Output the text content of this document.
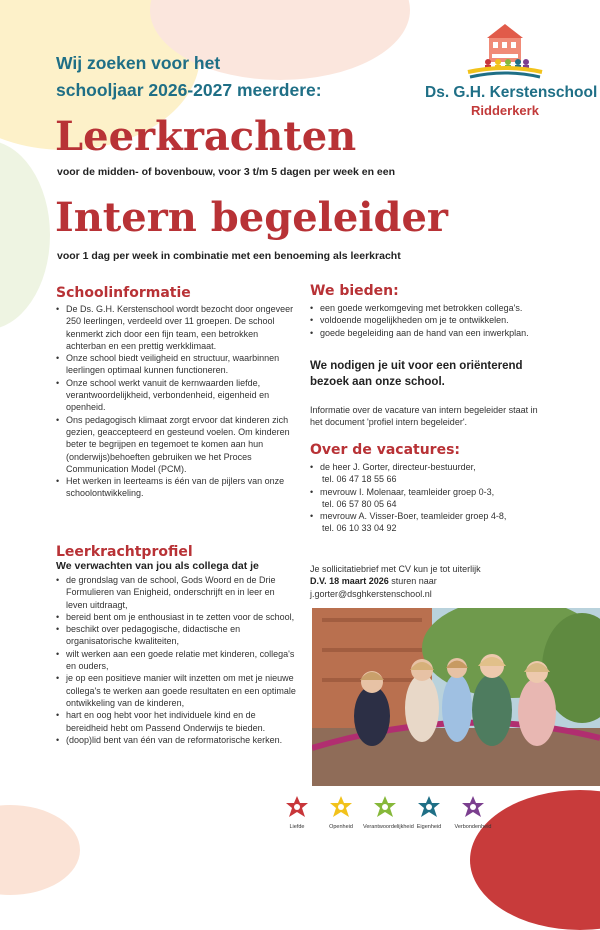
Wij zoeken voor het
schooljaar 2026-2027 meerdere:	Ds. G.H. Kerstenschool
Ridderkerk
Leerkrachten
voor de midden- of bovenbouw, voor 3 t/m 5 dagen per week en een
Intern begeleider
voor 1 dag per week in combinatie met een benoeming als leerkracht
Schoolinformatie
• De Ds. G.H. Kerstenschool wordt bezocht door ongeveer 250 leerlingen, verdeeld over 11 groepen. De school kenmerkt zich door een fijn team, een betrokken achterban en een prettig werkklimaat.
• Onze school biedt veiligheid en structuur, waarbinnen leerlingen optimaal kunnen functioneren.
• Onze school werkt vanuit de kernwaarden liefde, verantwoordelijkheid, verbondenheid, eigenheid en openheid.
• Ons pedagogisch klimaat zorgt ervoor dat kinderen zich gezien, geaccepteerd en gesteund voelen. Om kinderen beter te begrijpen en tegemoet te komen aan hun (onderwijs)behoeften gebruiken we het Proces Communication Model (PCM).
• Het werken in leerteams is één van de pijlers van onze schoolontwikkeling.
Leerkrachtprofiel
We verwachten van jou als collega dat je
• de grondslag van de school, Gods Woord en de Drie Formulieren van Enigheid, onderschrijft en in leer en leven uitdraagt,
• bereid bent om je enthousiast in te zetten voor de school,
• beschikt over pedagogische, didactische en organisatorische kwaliteiten,
• wilt werken aan een goede relatie met kinderen, collega's en ouders,
• je op een positieve manier wilt inzetten om met je nieuwe collega's te werken aan goede resultaten en een optimale ontwikkeling van de kinderen,
• hart en oog hebt voor het individuele kind en de bereidheid hebt om Passend Onderwijs te bieden.
• (doop)lid bent van één van de reformatorische kerken.
We bieden:
• een goede werkomgeving met betrokken collega's.
• voldoende mogelijkheden om je te ontwikkelen.
• goede begeleiding aan de hand van een inwerkplan.
We nodigen je uit voor een oriënterend bezoek aan onze school.
Informatie over de vacature van intern begeleider staat in het document 'profiel intern begeleider'.
Over de vacatures:
• de heer J. Gorter, directeur-bestuurder,
tel. 06 47 18 55 66
• mevrouw I. Molenaar, teamleider groep 0-3,
tel. 06 57 80 05 64
• mevrouw A. Visser-Boer, teamleider groep 4-8,
tel. 06 10 33 04 92
Je sollicitatiebrief met CV kun je tot uiterlijk
D.V. 18 maart 2026 sturen naar
j.gorter@dsghkerstenschool.nl
Liefde	Openheid	Verantwoordelijkheid Eigenheid	Verbondenheid
